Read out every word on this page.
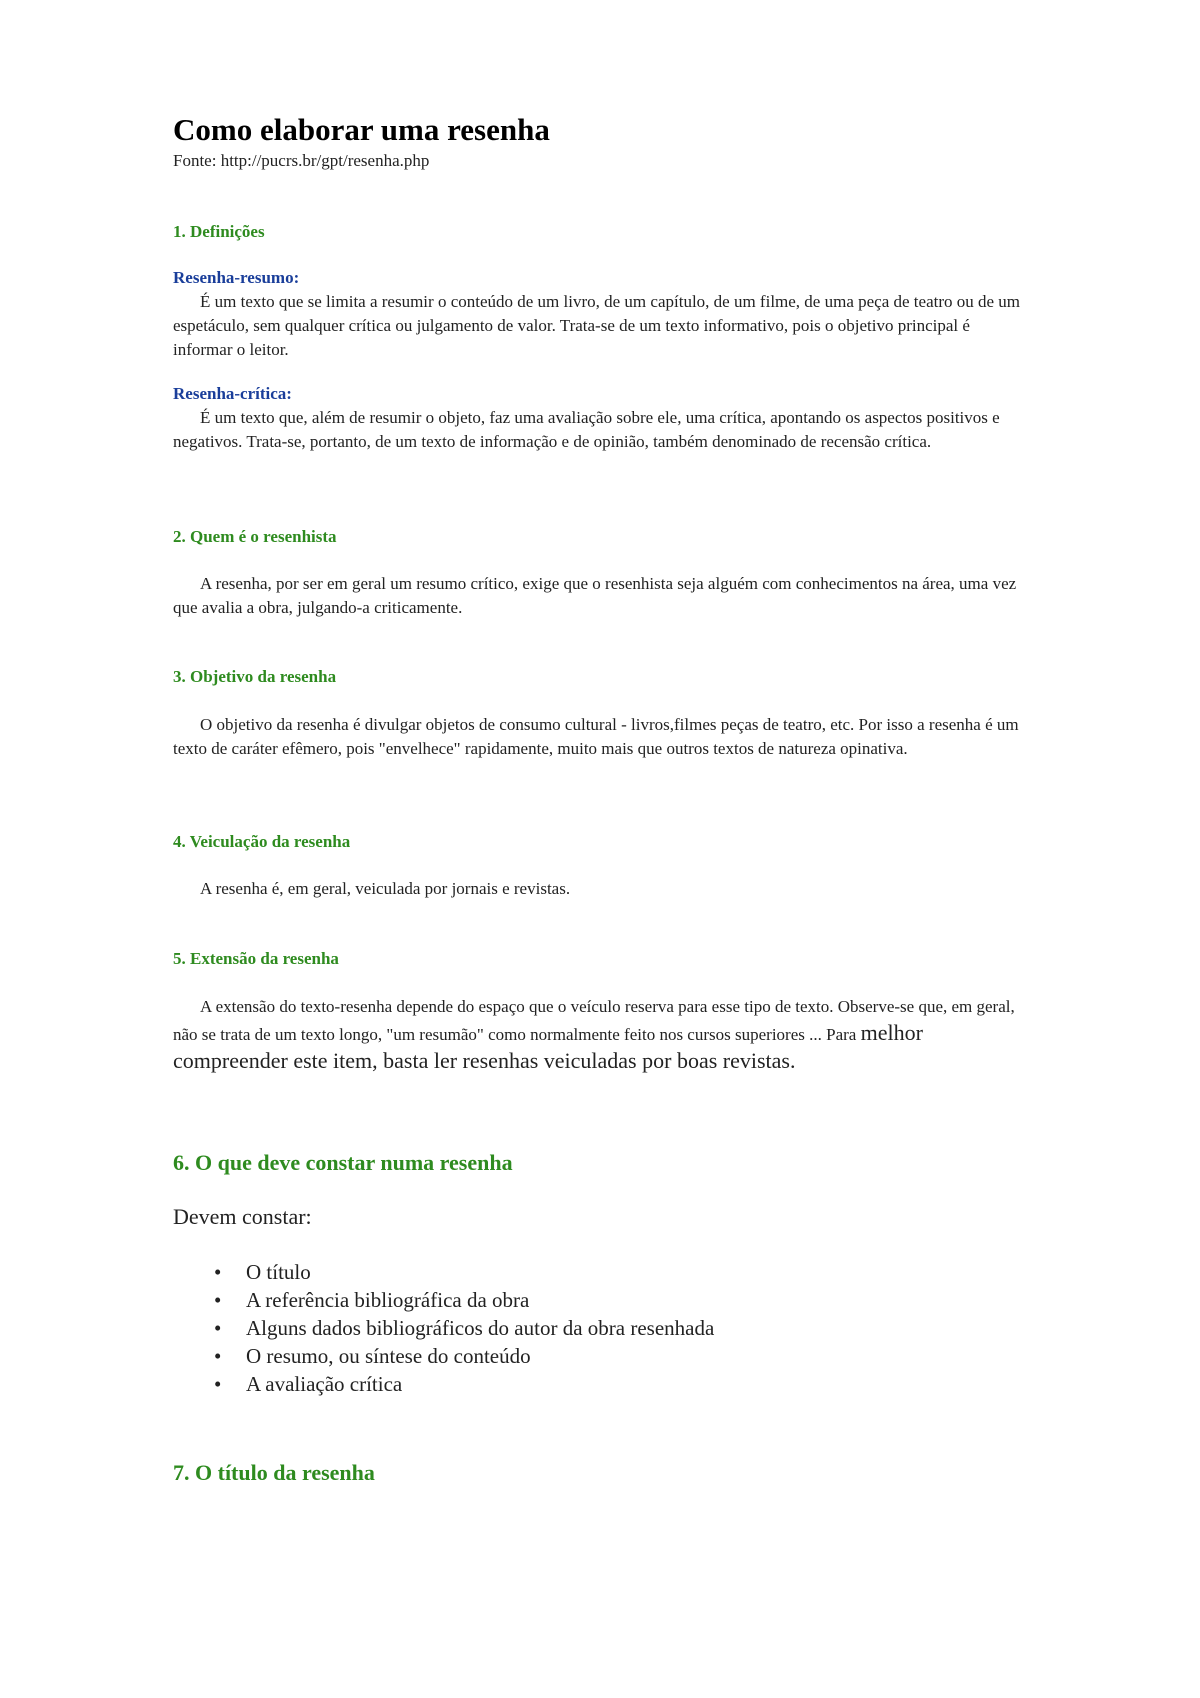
Como elaborar uma resenha
Fonte: http://pucrs.br/gpt/resenha.php
1. Definições
Resenha-resumo:

É um texto que se limita a resumir o conteúdo de um livro, de um capítulo, de um filme, de uma peça de teatro ou de um espetáculo, sem qualquer crítica ou julgamento de valor. Trata-se de um texto informativo, pois o objetivo principal é informar o leitor.

Resenha-crítica:

É um texto que, além de resumir o objeto, faz uma avaliação sobre ele, uma crítica, apontando os aspectos positivos e negativos. Trata-se, portanto, de um texto de informação e de opinião, também denominado de recensão crítica.

2. Quem é o resenhista

A resenha, por ser em geral um resumo crítico, exige que o resenhista seja alguém com conhecimentos na área, uma vez que avalia a obra, julgando-a criticamente.

3. Objetivo da resenha

O objetivo da resenha é divulgar objetos de consumo cultural - livros,filmes peças de teatro, etc. Por isso a resenha é um texto de caráter efêmero, pois "envelhece" rapidamente, muito mais que outros textos de natureza opinativa.

4. Veiculação da resenha

A resenha é, em geral, veiculada por jornais e revistas.

5. Extensão da resenha

A extensão do texto-resenha depende do espaço que o veículo reserva para esse tipo de texto. Observe-se que, em geral, não se trata de um texto longo, "um resumão" como normalmente feito nos cursos superiores ... Para melhor compreender este item, basta ler resenhas veiculadas por boas revistas.

6. O que deve constar numa resenha
Devem constar:
• O título
• A referência bibliográfica da obra
• Alguns dados bibliográficos do autor da obra resenhada
• O resumo, ou síntese do conteúdo
• A avaliação crítica
7. O título da resenha
